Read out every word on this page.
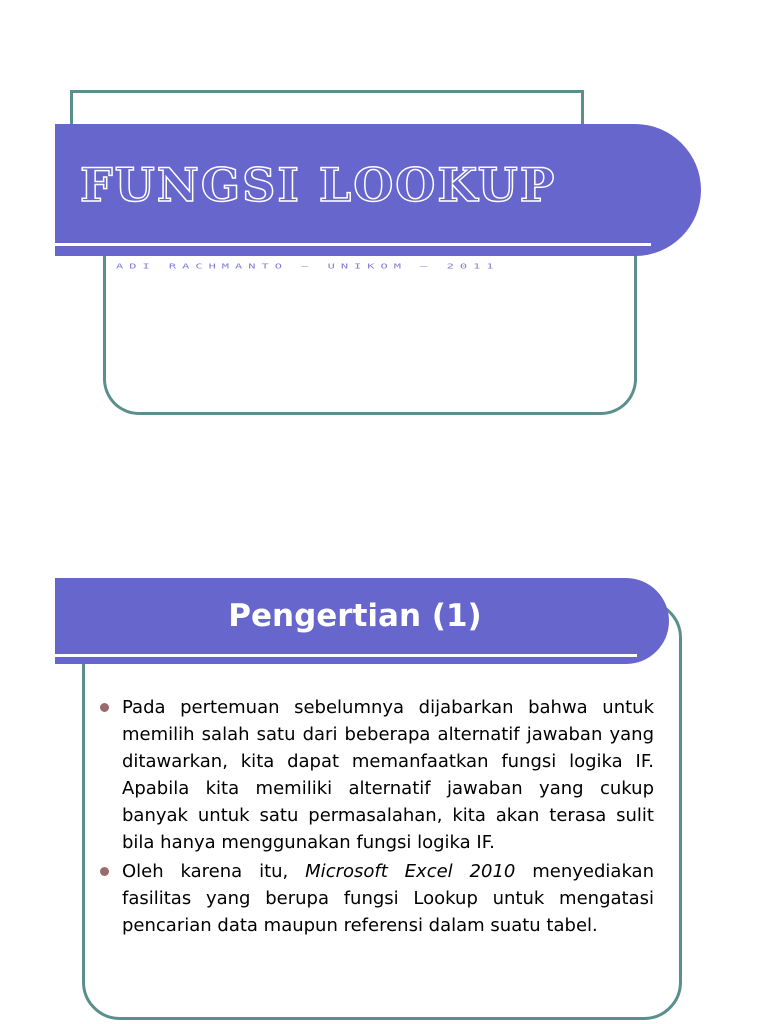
FUNGSI LOOKUP
ADI RACHMANTO – UNIKOM – 2011
Pengertian (1)
Pada pertemuan sebelumnya dijabarkan bahwa untuk memilih salah satu dari beberapa alternatif jawaban yang ditawarkan, kita dapat memanfaatkan fungsi logika IF. Apabila kita memiliki alternatif jawaban yang cukup banyak untuk satu permasalahan, kita akan terasa sulit bila hanya menggunakan fungsi logika IF.
Oleh karena itu, Microsoft Excel 2010 menyediakan fasilitas yang berupa fungsi Lookup untuk mengatasi pencarian data maupun referensi dalam suatu tabel.
